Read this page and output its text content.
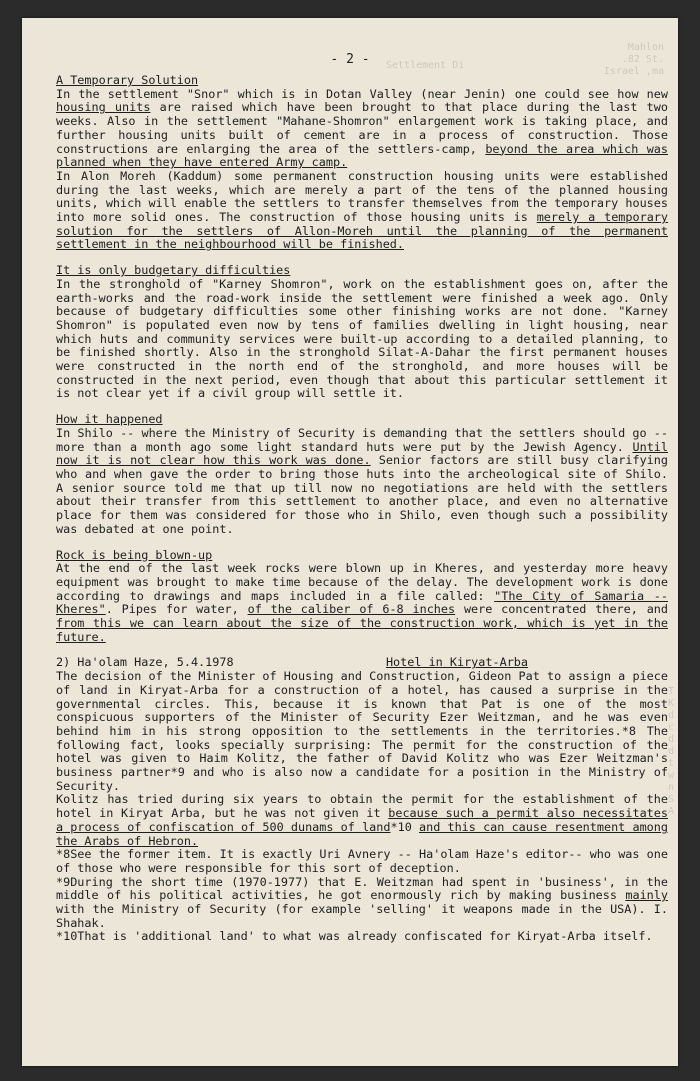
Mahlon
.82 St.
Israel ,ma
Settlement Di
T
K
d
c
d
d
t
w
n
S
A
- 2 -
A Temporary Solution

In the settlement "Snor" which is in Dotan Valley (near Jenin) one could see how new housing units are raised which have been brought to that place during the last two weeks. Also in the settlement "Mahane-Shomron" enlargement work is taking place, and further housing units built of cement are in a process of construction. Those constructions are enlarging the area of the settlers-camp, beyond the area which was planned when they have entered Army camp.

In Alon Moreh (Kaddum) some permanent construction housing units were established during the last weeks, which are merely a part of the tens of the planned housing units, which will enable the settlers to transfer themselves from the temporary houses into more solid ones. The construction of those housing units is merely a temporary solution for the settlers of Allon-Moreh until the planning of the permanent settlement in the neighbourhood will be finished.

It is only budgetary difficulties

In the stronghold of "Karney Shomron", work on the establishment goes on, after the earth-works and the road-work inside the settlement were finished a week ago. Only because of budgetary difficulties some other finishing works are not done. "Karney Shomron" is populated even now by tens of families dwelling in light housing, near which huts and community services were built-up according to a detailed planning, to be finished shortly. Also in the stronghold Silat-A-Dahar the first permanent houses were constructed in the north end of the stronghold, and more houses will be constructed in the next period, even though that about this particular settlement it is not clear yet if a civil group will settle it.

How it happened

In Shilo -- where the Ministry of Security is demanding that the settlers should go -- more than a month ago some light standard huts were put by the Jewish Agency. Until now it is not clear how this work was done. Senior factors are still busy clarifying who and when gave the order to bring those huts into the archeological site of Shilo. A senior source told me that up till now no negotiations are held with the settlers about their transfer from this settlement to another place, and even no alternative place for them was considered for those who in Shilo, even though such a possibility was debated at one point.

Rock is being blown-up

At the end of the last week rocks were blown up in Kheres, and yesterday more heavy equipment was brought to make time because of the delay. The development work is done according to drawings and maps included in a file called: "The City of Samaria -- Kheres". Pipes for water, of the caliber of 6-8 inches were concentrated there, and from this we can learn about the size of the construction work, which is yet in the future.

2) Ha'olam Haze, 5.4.1978	Hotel in Kiryat-Arba

The decision of the Minister of Housing and Construction, Gideon Pat to assign a piece of land in Kiryat-Arba for a construction of a hotel, has caused a surprise in the governmental circles. This, because it is known that Pat is one of the most conspicuous supporters of the Minister of Security Ezer Weitzman, and he was even behind him in his strong opposition to the settlements in the territories.*8 The following fact, looks specially surprising: The permit for the construction of the hotel was given to Haim Kolitz, the father of David Kolitz who was Ezer Weitzman's business partner*9 and who is also now a candidate for a position in the Ministry of Security.

Kolitz has tried during six years to obtain the permit for the establishment of the hotel in Kiryat Arba, but he was not given it because such a permit also necessitates a process of confiscation of 500 dunams of land*10 and this can cause resentment among the Arabs of Hebron.

*8See the former item. It is exactly Uri Avnery -- Ha'olam Haze's editor-- who was one of those who were responsible for this sort of deception.

*9During the short time (1970-1977) that E. Weitzman had spent in 'business', in the middle of his political activities, he got enormously rich by making business mainly with the Ministry of Security (for example 'selling' it weapons made in the USA). I. Shahak.

*10That is 'additional land' to what was already confiscated for Kiryat-Arba itself.
